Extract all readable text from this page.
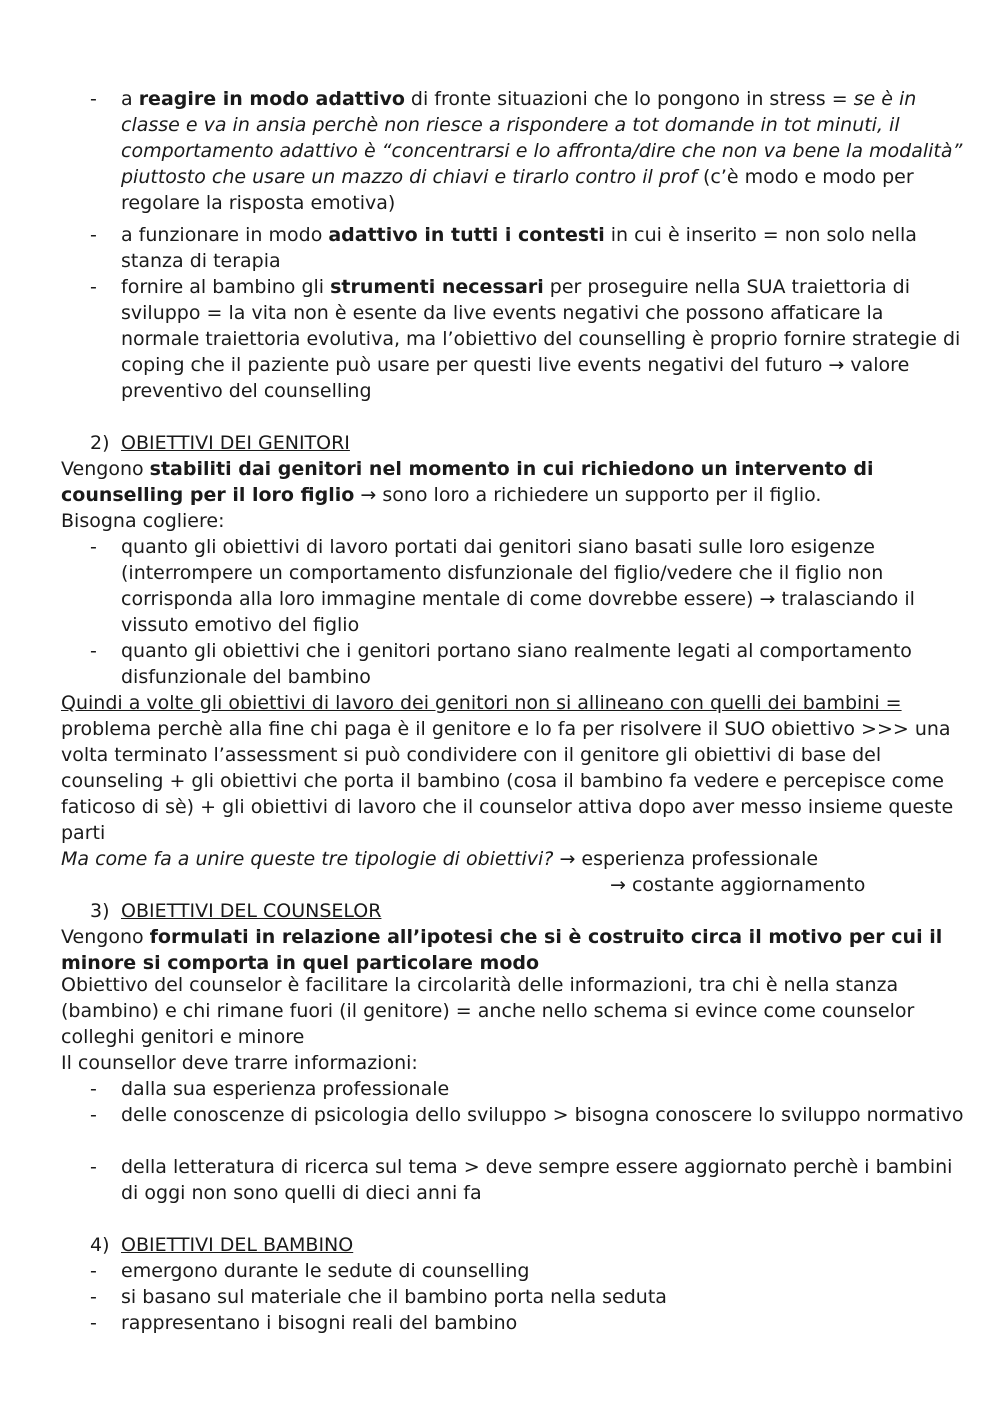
-	a reagire in modo adattivo di fronte situazioni che lo pongono in stress = se è in classe e va in ansia perchè non riesce a rispondere a tot domande in tot minuti, il comportamento adattivo è “concentrarsi e lo affronta/dire che non va bene la modalità” piuttosto che usare un mazzo di chiavi e tirarlo contro il prof (c’è modo e modo per regolare la risposta emotiva)
-	a funzionare in modo adattivo in tutti i contesti in cui è inserito = non solo nella stanza di terapia
-	fornire al bambino gli strumenti necessari per proseguire nella SUA traiettoria di sviluppo = la vita non è esente da live events negativi che possono affaticare la normale traiettoria evolutiva, ma l’obiettivo del counselling è proprio fornire strategie di coping che il paziente può usare per questi live events negativi del futuro → valore preventivo del counselling
2) OBIETTIVI DEI GENITORI
Vengono stabiliti dai genitori nel momento in cui richiedono un intervento di counselling per il loro figlio → sono loro a richiedere un supporto per il figlio.
Bisogna cogliere:
-	quanto gli obiettivi di lavoro portati dai genitori siano basati sulle loro esigenze (interrompere un comportamento disfunzionale del figlio/vedere che il figlio non corrisponda alla loro immagine mentale di come dovrebbe essere) → tralasciando il vissuto emotivo del figlio
-	quanto gli obiettivi che i genitori portano siano realmente legati al comportamento disfunzionale del bambino
Quindi a volte gli obiettivi di lavoro dei genitori non si allineano con quelli dei bambini = problema perchè alla fine chi paga è il genitore e lo fa per risolvere il SUO obiettivo >>> una volta terminato l’assessment si può condividere con il genitore gli obiettivi di base del counseling + gli obiettivi che porta il bambino (cosa il bambino fa vedere e percepisce come faticoso di sè) + gli obiettivi di lavoro che il counselor attiva dopo aver messo insieme queste parti
Ma come fa a unire queste tre tipologie di obiettivi? → esperienza professionale
→ costante aggiornamento
3) OBIETTIVI DEL COUNSELOR
Vengono formulati in relazione all’ipotesi che si è costruito circa il motivo per cui il minore si comporta in quel particolare modo
Obiettivo del counselor è facilitare la circolarità delle informazioni, tra chi è nella stanza (bambino) e chi rimane fuori (il genitore) = anche nello schema si evince come counselor colleghi genitori e minore
Il counsellor deve trarre informazioni:
-	dalla sua esperienza professionale
-	delle conoscenze di psicologia dello sviluppo > bisogna conoscere lo sviluppo normativo
-	della letteratura di ricerca sul tema > deve sempre essere aggiornato perchè i bambini di oggi non sono quelli di dieci anni fa
4) OBIETTIVI DEL BAMBINO
-	emergono durante le sedute di counselling
-	si basano sul materiale che il bambino porta nella seduta
-	rappresentano i bisogni reali del bambino
